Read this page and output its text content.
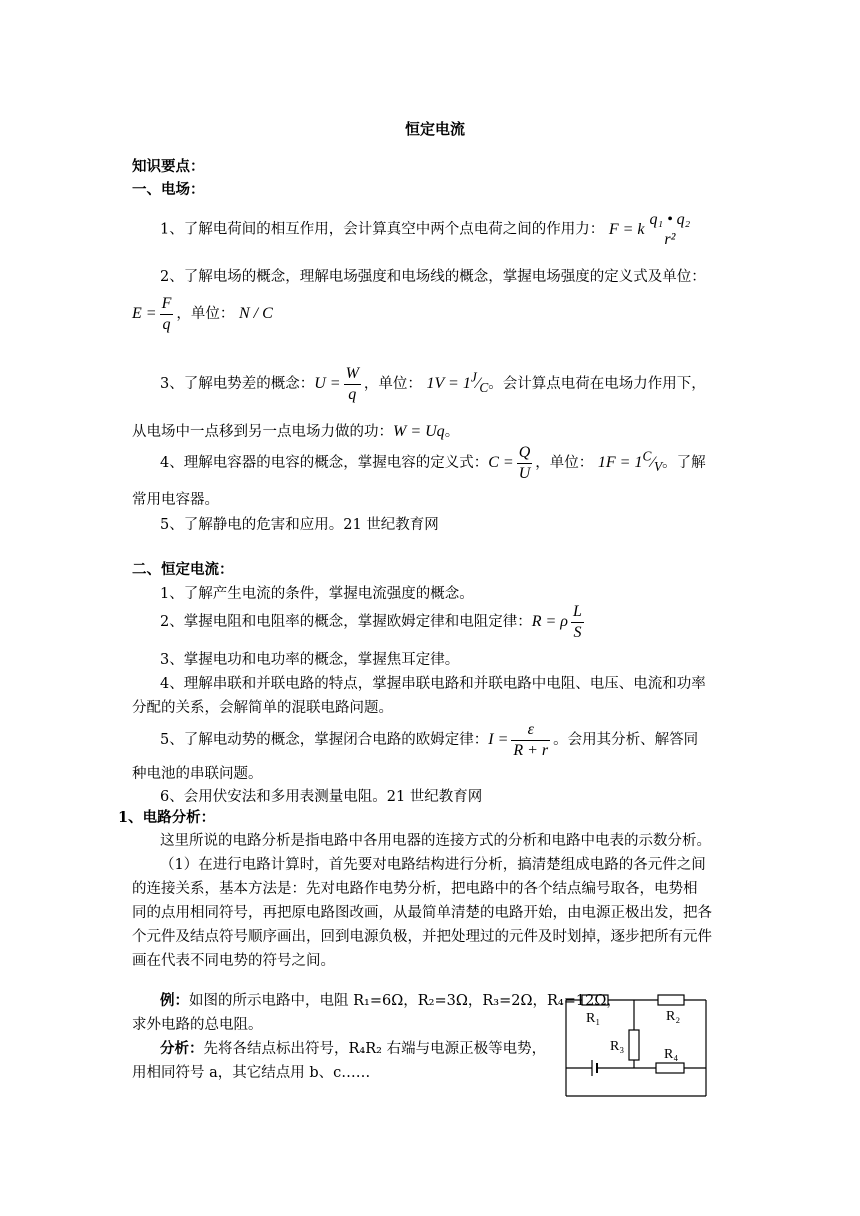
恒定电流
知识要点：
一、电场：
1、了解电荷间的相互作用，会计算真空中两个点电荷之间的作用力： F = k
q₁ • q₂
r²
2、了解电场的概念，理解电场强度和电场线的概念，掌握电场强度的定义式及单位：
$E = \frac{F}{q}$ ，单位： N / C
3、了解电势差的概念：$U = \frac{W}{q}$ ，单位： $1V = 1^J⁄_C$。会计算点电荷在电场力作用下，
从电场中一点移到另一点电场力做的功：W = Uq。
4、理解电容器的电容的概念，掌握电容的定义式：$C = \frac{Q}{U}$ ，单位： $1F = 1^C⁄_V$。了解
常用电容器。
5、了解静电的危害和应用。21 世纪教育网
二、恒定电流：
1、了解产生电流的条件，掌握电流强度的概念。
2、掌握电阻和电阻率的概念，掌握欧姆定律和电阻定律：R = ρ $\frac{L}{S}$
3、掌握电功和电功率的概念，掌握焦耳定律。
4、理解串联和并联电路的特点，掌握串联电路和并联电路中电阻、电压、电流和功率
分配的关系，会解简单的混联电路问题。
5、了解电动势的概念，掌握闭合电路的欧姆定律：$I = \frac{\varepsilon}{R + r}$ 。会用其分析、解答同
种电池的串联问题。
6、会用伏安法和多用表测量电阻。21 世纪教育网
1、电路分析：
这里所说的电路分析是指电路中各用电器的连接方式的分析和电路中电表的示数分析。
（1）在进行电路计算时，首先要对电路结构进行分析，搞清楚组成电路的各元件之间
的连接关系，基本方法是：先对电路作电势分析，把电路中的各个结点编号取各，电势相
同的点用相同符号，再把原电路图改画，从最简单清楚的电路开始，由电源正极出发，把各
个元件及结点符号顺序画出，回到电源负极，并把处理过的元件及时划掉，逐步把所有元件
画在代表不同电势的符号之间。
例：如图的所示电路中，电阻 R₁=6Ω，R₂=3Ω，R₃=2Ω，R₄=12Ω，
求外电路的总电阻。
分析：先将各结点标出符号，R₄R₂ 右端与电源正极等电势，
用相同符号 a，其它结点用 b、c……
R₁	R₂
R₃
R₄
